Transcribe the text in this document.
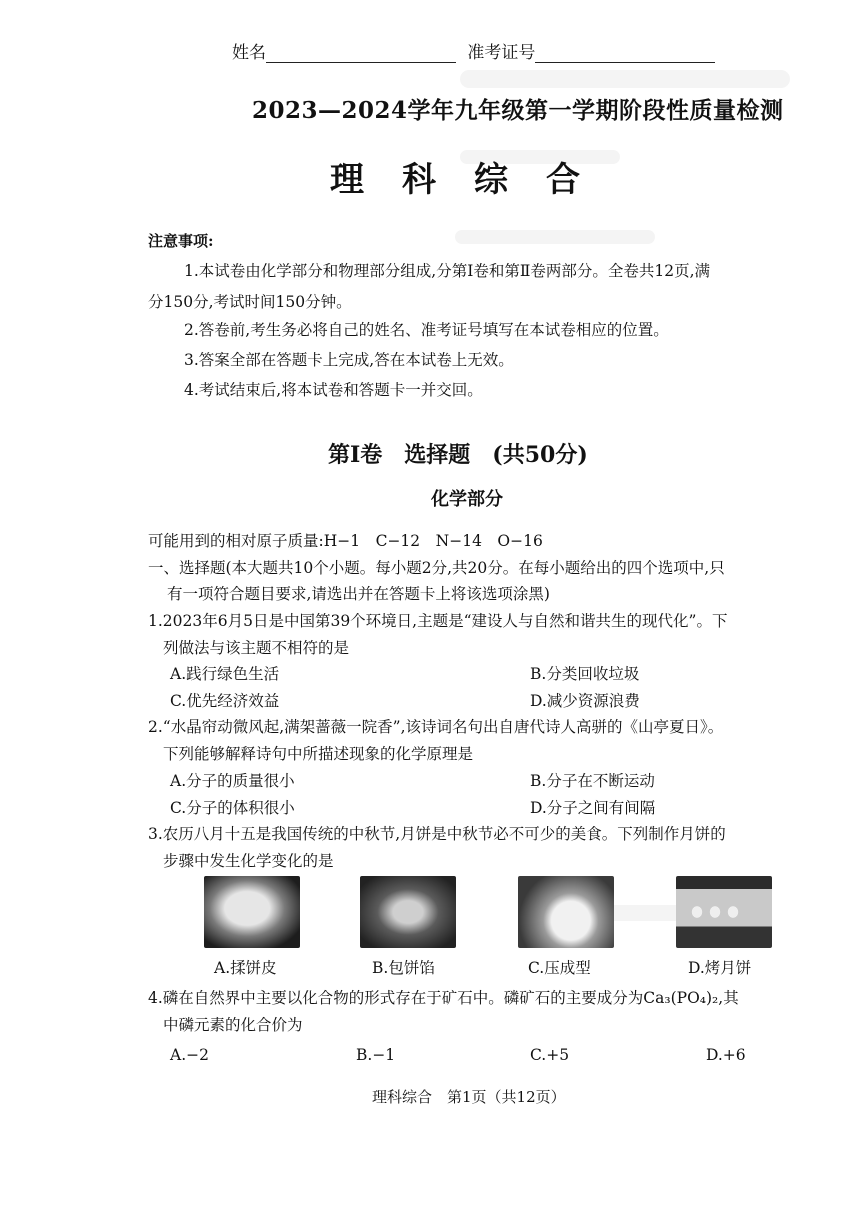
姓名	准考证号
2023—2024学年九年级第一学期阶段性质量检测
理科综合
注意事项:
1.本试卷由化学部分和物理部分组成,分第Ⅰ卷和第Ⅱ卷两部分。全卷共12页,满
分150分,考试时间150分钟。
2.答卷前,考生务必将自己的姓名、准考证号填写在本试卷相应的位置。
3.答案全部在答题卡上完成,答在本试卷上无效。
4.考试结束后,将本试卷和答题卡一并交回。
第Ⅰ卷　选择题　(共50分)
化学部分
可能用到的相对原子质量:H−1　C−12　N−14　O−16
一、选择题(本大题共10个小题。每小题2分,共20分。在每小题给出的四个选项中,只
有一项符合题目要求,请选出并在答题卡上将该选项涂黑)
1.2023年6月5日是中国第39个环境日,主题是“建设人与自然和谐共生的现代化”。下
列做法与该主题不相符的是
A.践行绿色生活	B.分类回收垃圾
C.优先经济效益	D.减少资源浪费
2.“水晶帘动微风起,满架蔷薇一院香”,该诗词名句出自唐代诗人高骈的《山亭夏日》。
下列能够解释诗句中所描述现象的化学原理是
A.分子的质量很小	B.分子在不断运动
C.分子的体积很小	D.分子之间有间隔
3.农历八月十五是我国传统的中秋节,月饼是中秋节必不可少的美食。下列制作月饼的
步骤中发生化学变化的是
A.揉饼皮	B.包饼馅	C.压成型	D.烤月饼
4.磷在自然界中主要以化合物的形式存在于矿石中。磷矿石的主要成分为Ca₃(PO₄)₂,其
中磷元素的化合价为
A.−2	B.−1	C.+5	D.+6
理科综合　第1页（共12页）
